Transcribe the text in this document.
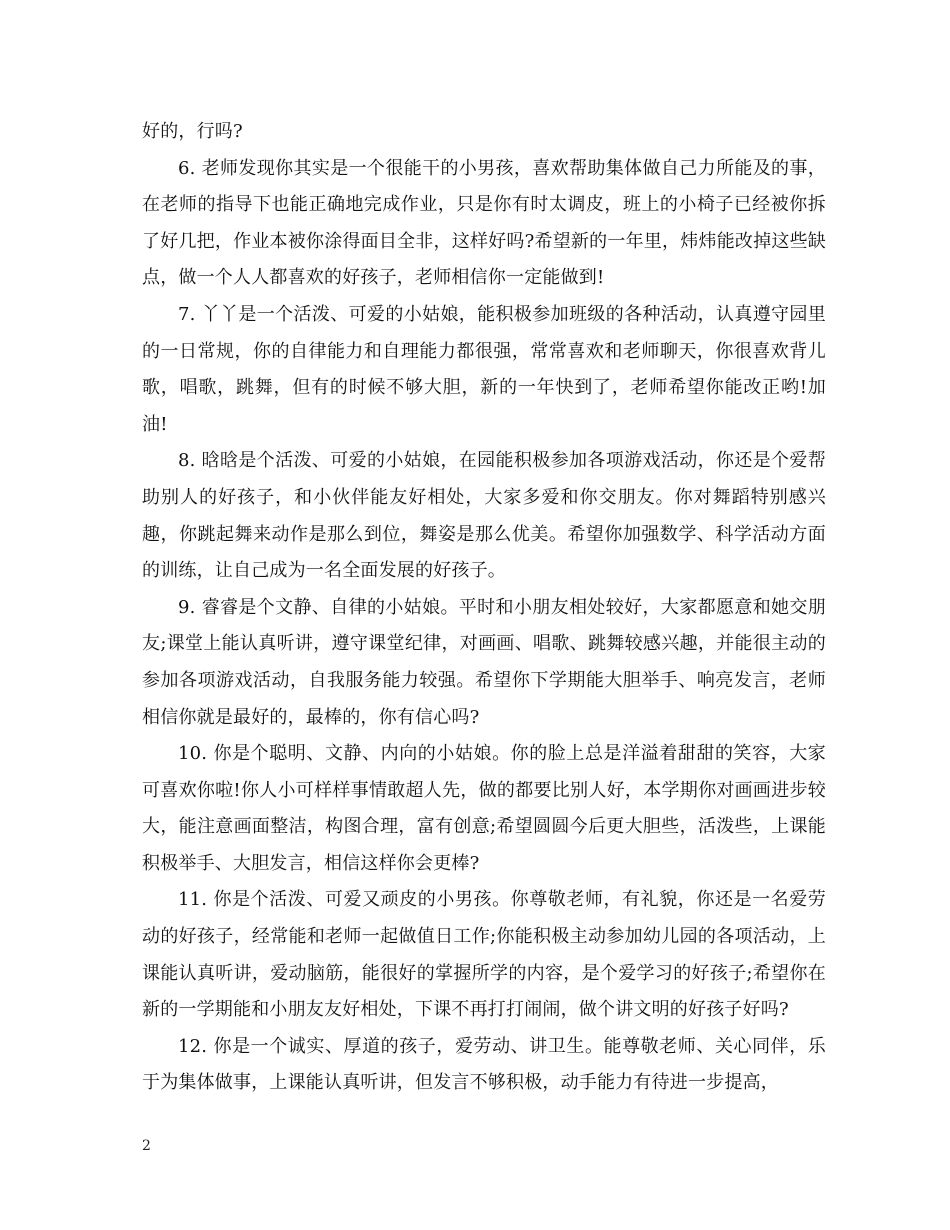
好的，行吗?

6. 老师发现你其实是一个很能干的小男孩，喜欢帮助集体做自己力所能及的事，在老师的指导下也能正确地完成作业，只是你有时太调皮，班上的小椅子已经被你拆了好几把，作业本被你涂得面目全非，这样好吗?希望新的一年里，炜炜能改掉这些缺点，做一个人人都喜欢的好孩子，老师相信你一定能做到!

7. 丫丫是一个活泼、可爱的小姑娘，能积极参加班级的各种活动，认真遵守园里的一日常规，你的自律能力和自理能力都很强，常常喜欢和老师聊天，你很喜欢背儿歌，唱歌，跳舞，但有的时候不够大胆，新的一年快到了，老师希望你能改正哟!加油!

8. 晗晗是个活泼、可爱的小姑娘，在园能积极参加各项游戏活动，你还是个爱帮助别人的好孩子，和小伙伴能友好相处，大家多爱和你交朋友。你对舞蹈特别感兴趣，你跳起舞来动作是那么到位，舞姿是那么优美。希望你加强数学、科学活动方面的训练，让自己成为一名全面发展的好孩子。

9. 睿睿是个文静、自律的小姑娘。平时和小朋友相处较好，大家都愿意和她交朋友;课堂上能认真听讲，遵守课堂纪律，对画画、唱歌、跳舞较感兴趣，并能很主动的参加各项游戏活动，自我服务能力较强。希望你下学期能大胆举手、响亮发言，老师相信你就是最好的，最棒的，你有信心吗?

10. 你是个聪明、文静、内向的小姑娘。你的脸上总是洋溢着甜甜的笑容，大家可喜欢你啦!你人小可样样事情敢超人先，做的都要比别人好，本学期你对画画进步较大，能注意画面整洁，构图合理，富有创意;希望圆圆今后更大胆些，活泼些，上课能积极举手、大胆发言，相信这样你会更棒?

11. 你是个活泼、可爱又顽皮的小男孩。你尊敬老师，有礼貌，你还是一名爱劳动的好孩子，经常能和老师一起做值日工作;你能积极主动参加幼儿园的各项活动，上课能认真听讲，爱动脑筋，能很好的掌握所学的内容，是个爱学习的好孩子;希望你在新的一学期能和小朋友友好相处，下课不再打打闹闹，做个讲文明的好孩子好吗?

12. 你是一个诚实、厚道的孩子，爱劳动、讲卫生。能尊敬老师、关心同伴，乐于为集体做事，上课能认真听讲，但发言不够积极，动手能力有待进一步提高，

2
